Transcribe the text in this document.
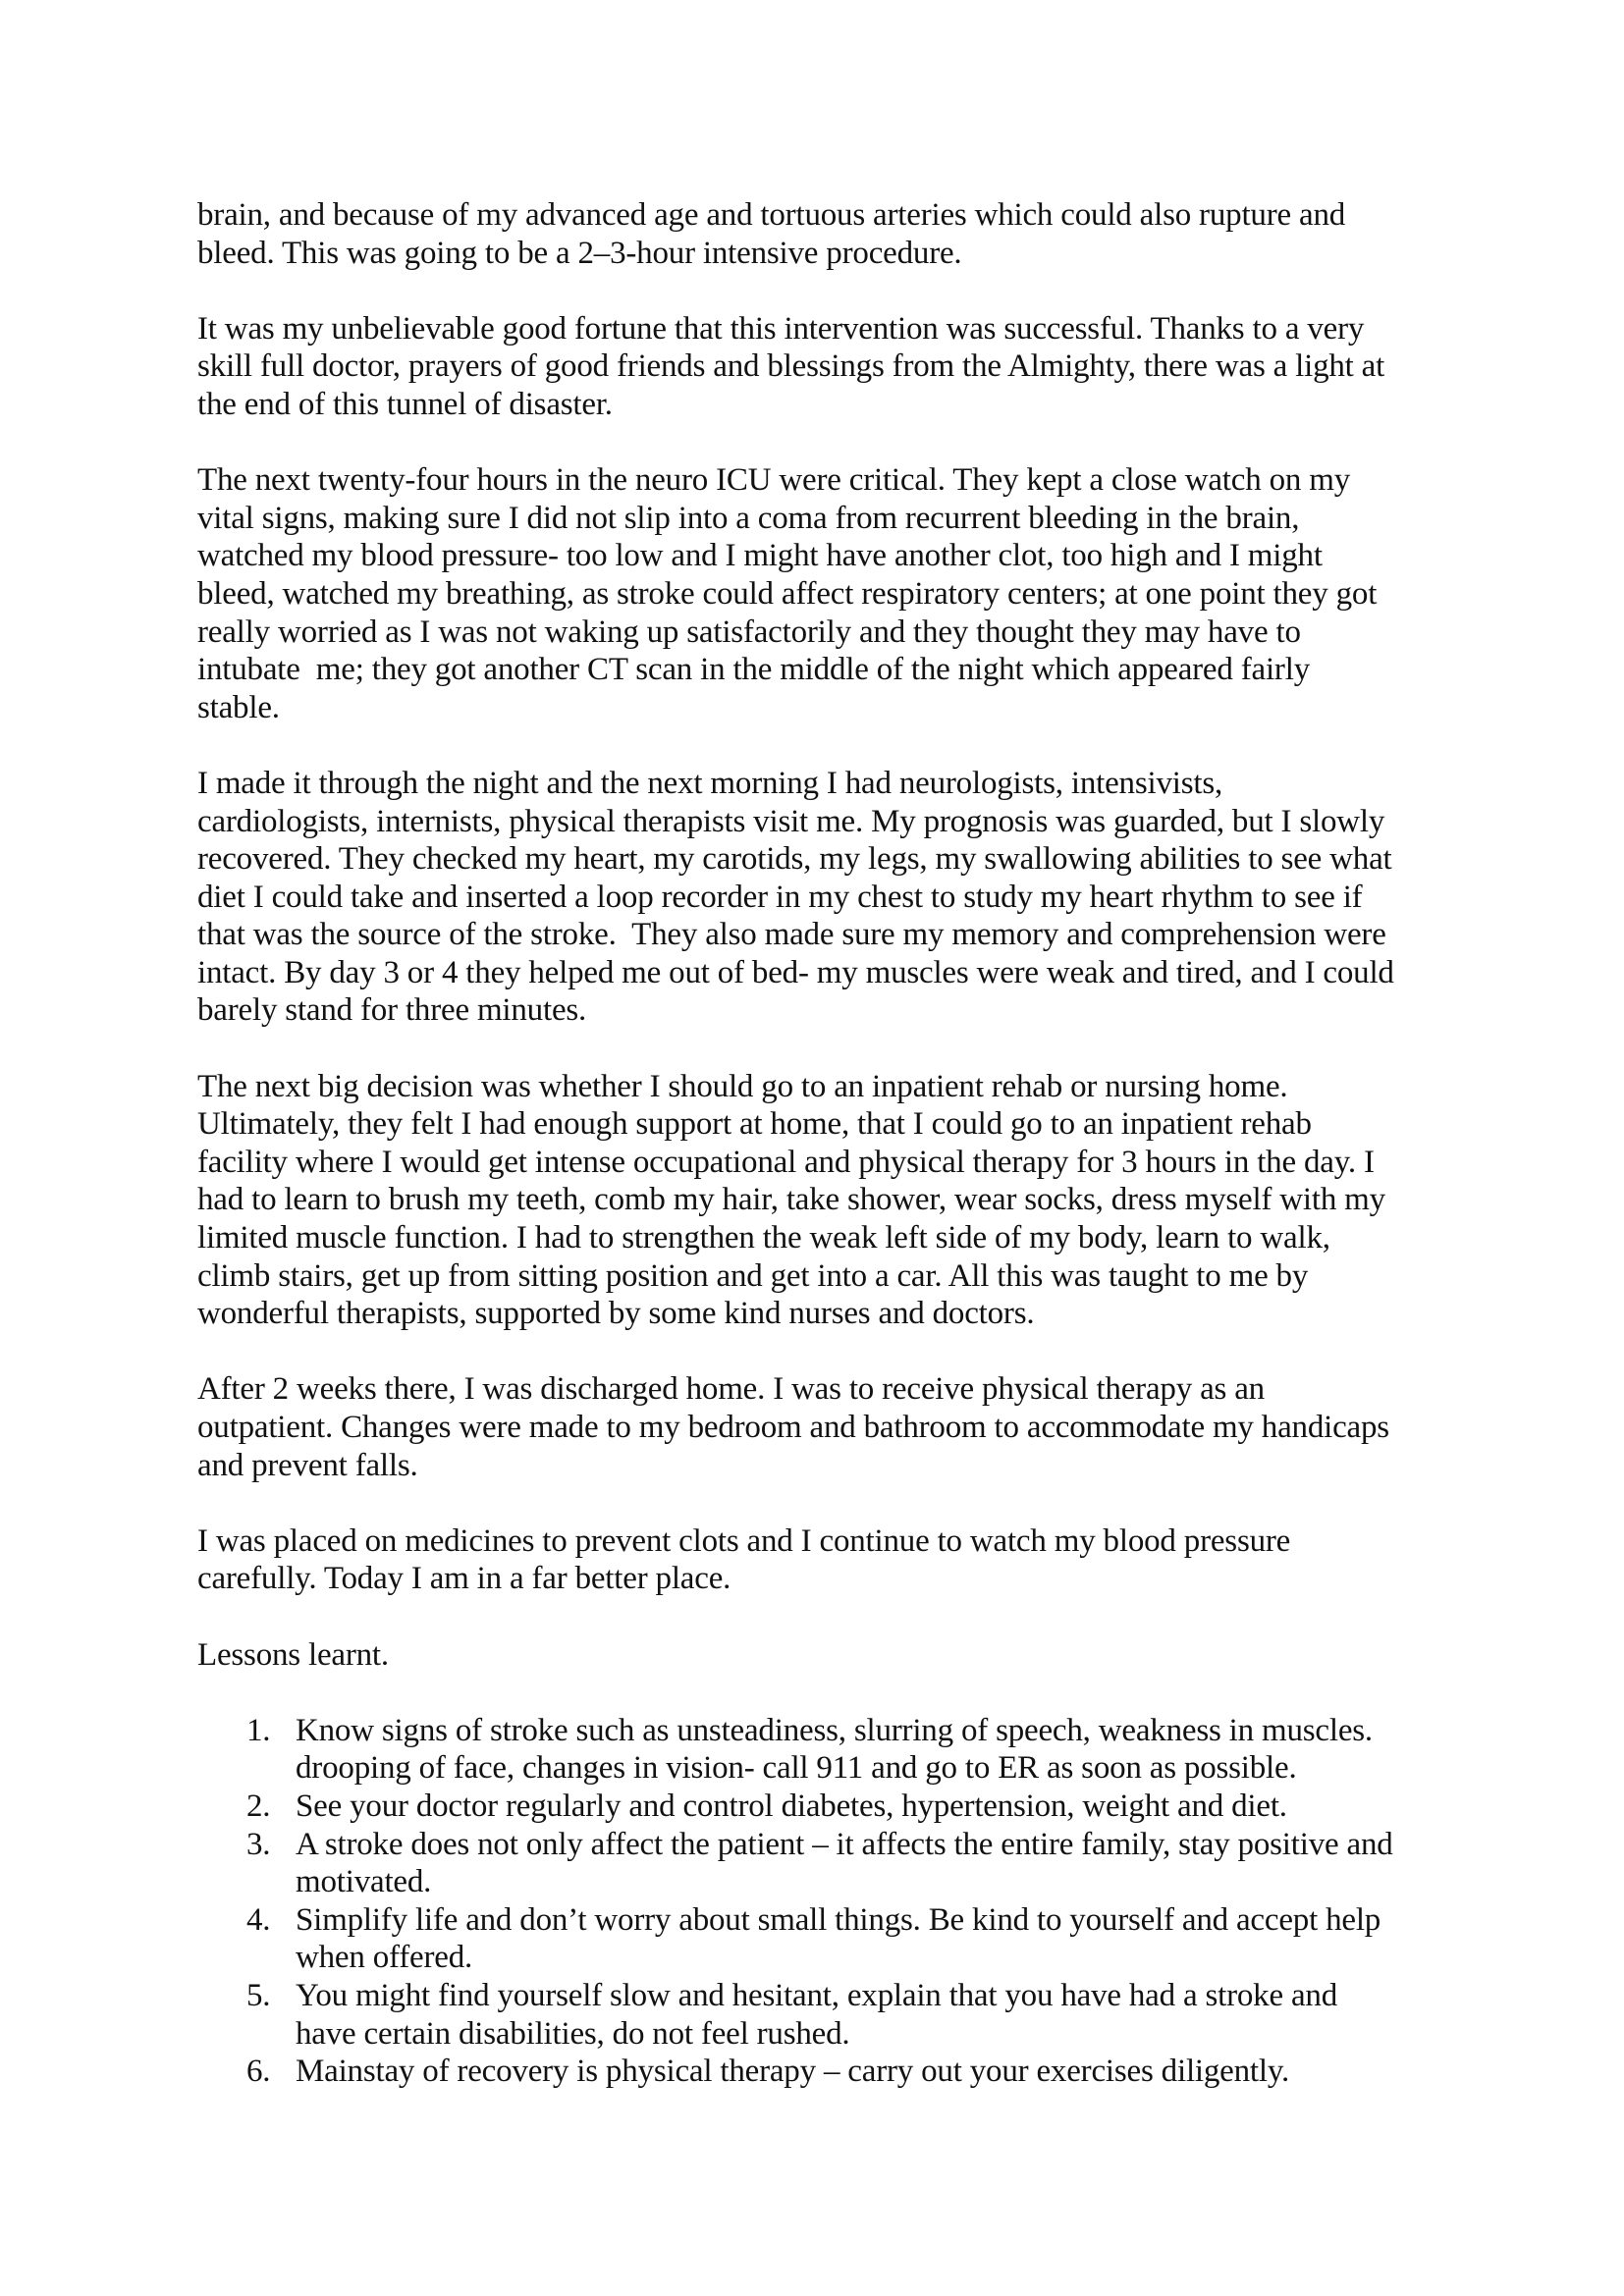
brain, and because of my advanced age and tortuous arteries which could also rupture and
bleed. This was going to be a 2–3-hour intensive procedure.

It was my unbelievable good fortune that this intervention was successful. Thanks to a very
skill full doctor, prayers of good friends and blessings from the Almighty, there was a light at
the end of this tunnel of disaster.

The next twenty-four hours in the neuro ICU were critical. They kept a close watch on my
vital signs, making sure I did not slip into a coma from recurrent bleeding in the brain,
watched my blood pressure- too low and I might have another clot, too high and I might
bleed, watched my breathing, as stroke could affect respiratory centers; at one point they got
really worried as I was not waking up satisfactorily and they thought they may have to
intubate  me; they got another CT scan in the middle of the night which appeared fairly
stable.

I made it through the night and the next morning I had neurologists, intensivists,
cardiologists, internists, physical therapists visit me. My prognosis was guarded, but I slowly
recovered. They checked my heart, my carotids, my legs, my swallowing abilities to see what
diet I could take and inserted a loop recorder in my chest to study my heart rhythm to see if
that was the source of the stroke.  They also made sure my memory and comprehension were
intact. By day 3 or 4 they helped me out of bed- my muscles were weak and tired, and I could
barely stand for three minutes.

The next big decision was whether I should go to an inpatient rehab or nursing home.
Ultimately, they felt I had enough support at home, that I could go to an inpatient rehab
facility where I would get intense occupational and physical therapy for 3 hours in the day. I
had to learn to brush my teeth, comb my hair, take shower, wear socks, dress myself with my
limited muscle function. I had to strengthen the weak left side of my body, learn to walk,
climb stairs, get up from sitting position and get into a car. All this was taught to me by
wonderful therapists, supported by some kind nurses and doctors.

After 2 weeks there, I was discharged home. I was to receive physical therapy as an
outpatient. Changes were made to my bedroom and bathroom to accommodate my handicaps
and prevent falls.

I was placed on medicines to prevent clots and I continue to watch my blood pressure
carefully. Today I am in a far better place.

Lessons learnt.

1. Know signs of stroke such as unsteadiness, slurring of speech, weakness in muscles.
drooping of face, changes in vision- call 911 and go to ER as soon as possible.
2. See your doctor regularly and control diabetes, hypertension, weight and diet.
3. A stroke does not only affect the patient – it affects the entire family, stay positive and
motivated.
4. Simplify life and don’t worry about small things. Be kind to yourself and accept help
when offered.
5. You might find yourself slow and hesitant, explain that you have had a stroke and
have certain disabilities, do not feel rushed.
6. Mainstay of recovery is physical therapy – carry out your exercises diligently.
